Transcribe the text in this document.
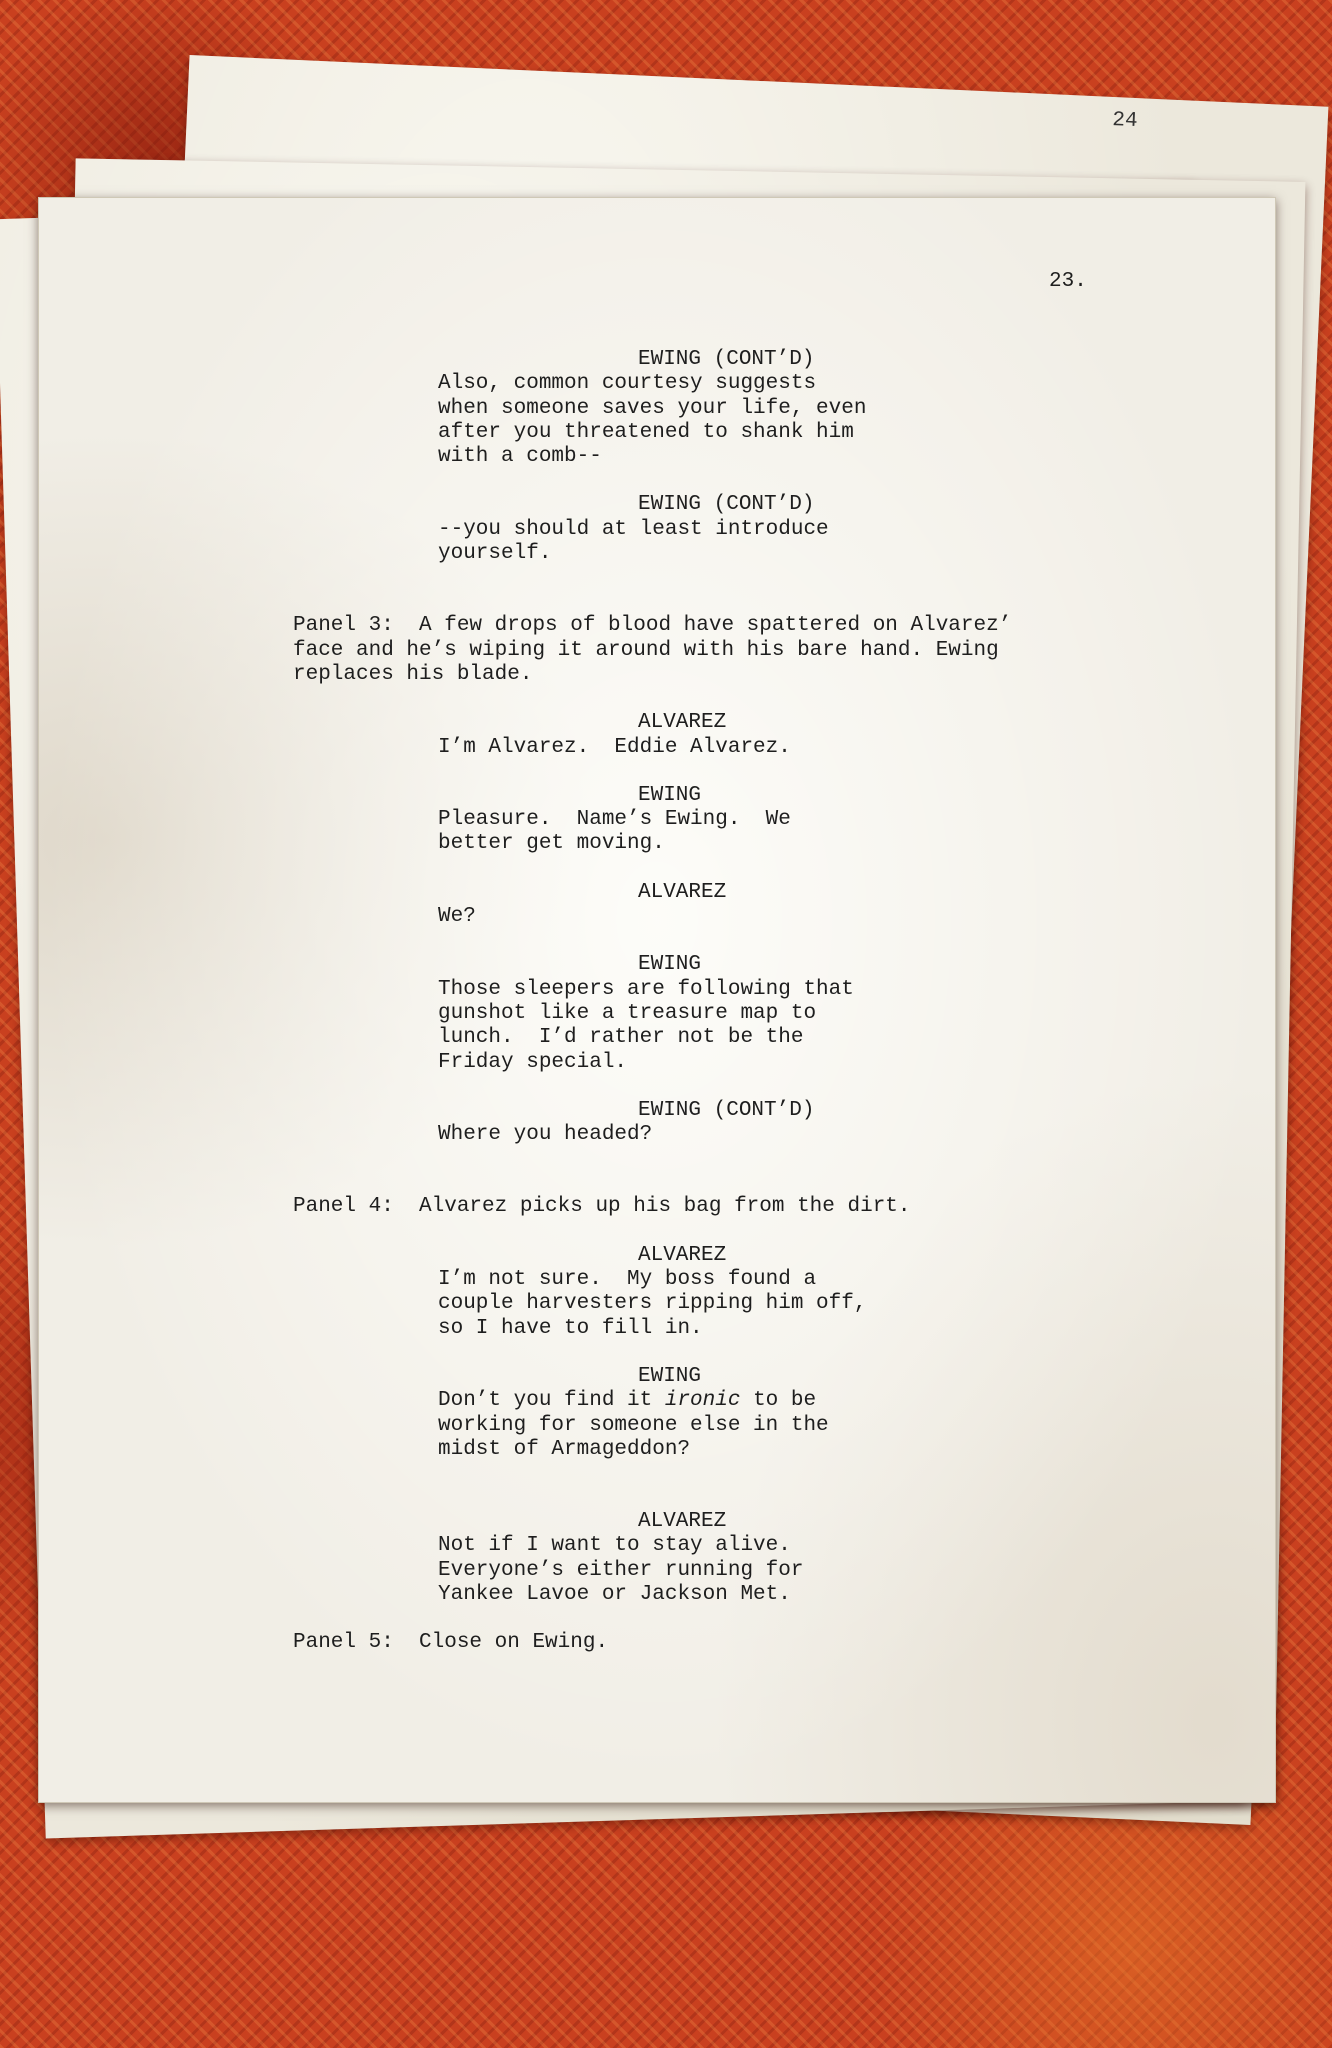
24
23.

EWING (CONT’D)

Also, common courtesy suggests

when someone saves your life, even

after you threatened to shank him

with a comb--

EWING (CONT’D)

--you should at least introduce

yourself.

Panel 3:  A few drops of blood have spattered on Alvarez’

face and he’s wiping it around with his bare hand. Ewing

replaces his blade.

ALVAREZ

I’m Alvarez.  Eddie Alvarez.

EWING

Pleasure.  Name’s Ewing.  We

better get moving.

ALVAREZ

We?

EWING

Those sleepers are following that

gunshot like a treasure map to

lunch.  I’d rather not be the

Friday special.

EWING (CONT’D)

Where you headed?

Panel 4:  Alvarez picks up his bag from the dirt.

ALVAREZ

I’m not sure.  My boss found a

couple harvesters ripping him off,

so I have to fill in.

EWING

Don’t you find it ironic to be

working for someone else in the

midst of Armageddon?

ALVAREZ

Not if I want to stay alive.

Everyone’s either running for

Yankee Lavoe or Jackson Met.

Panel 5:  Close on Ewing.
